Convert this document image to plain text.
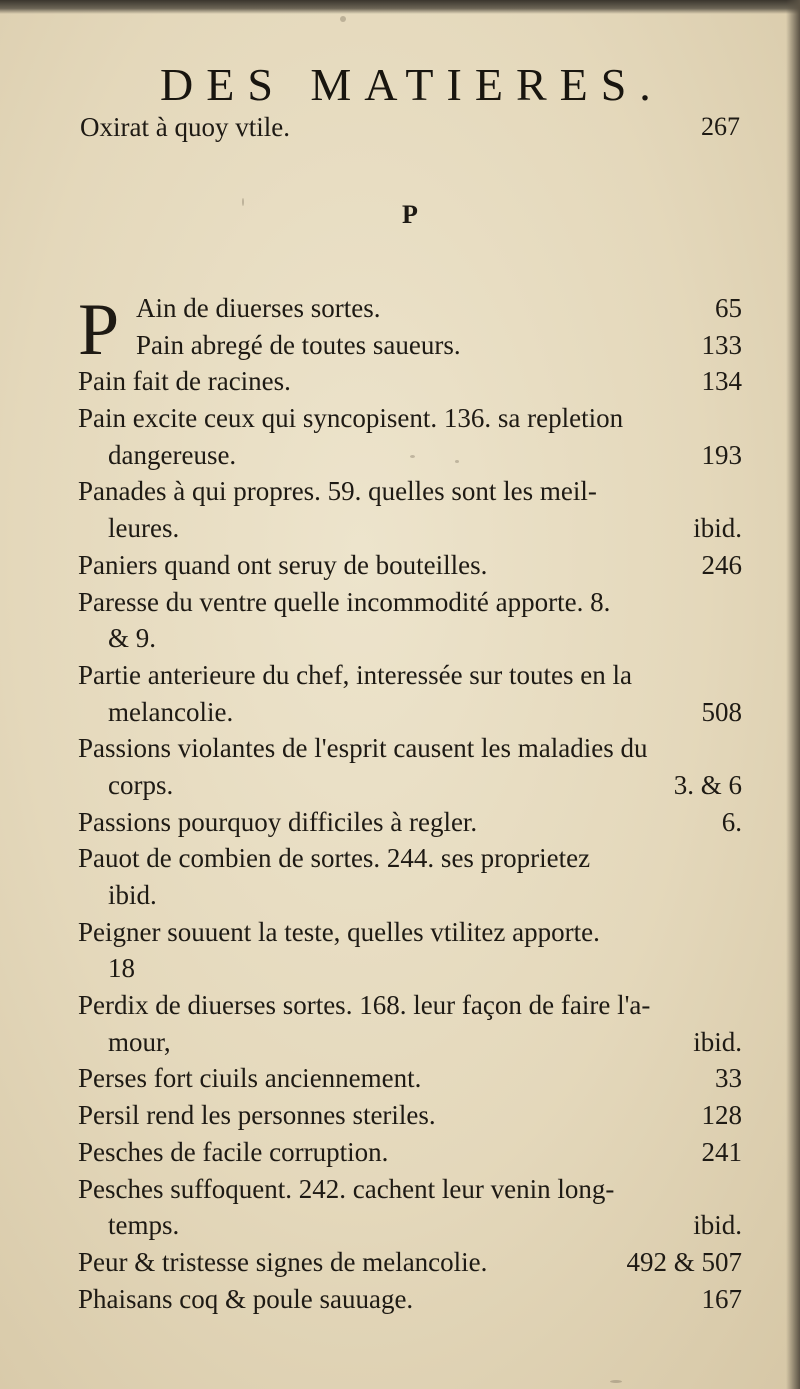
DES MATIERES.
Oxirat à quoy vtile.	267
P
P Ain de diuerses sortes.	65
Pain abregé de toutes saueurs.	133
Pain fait de racines.	134
Pain excite ceux qui syncopisent. 136. sa repletion
dangereuse.	193
Panades à qui propres. 59. quelles sont les meil-
leures.	ibid.
Paniers quand ont seruy de bouteilles.	246
Paresse du ventre quelle incommodité apporte. 8.
& 9.
Partie anterieure du chef, interessée sur toutes en la
melancolie.	508
Passions violantes de l'esprit causent les maladies du
corps.	3. & 6
Passions pourquoy difficiles à regler.	6.
Pauot de combien de sortes. 244. ses proprietez
ibid.
Peigner souuent la teste, quelles vtilitez apporte.
18
Perdix de diuerses sortes. 168. leur façon de faire l'a-
mour,	ibid.
Perses fort ciuils anciennement.	33
Persil rend les personnes steriles.	128
Pesches de facile corruption.	241
Pesches suffoquent. 242. cachent leur venin long-
temps.	ibid.
Peur & tristesse signes de melancolie.	492 & 507
Phaisans coq & poule sauuage.	167
